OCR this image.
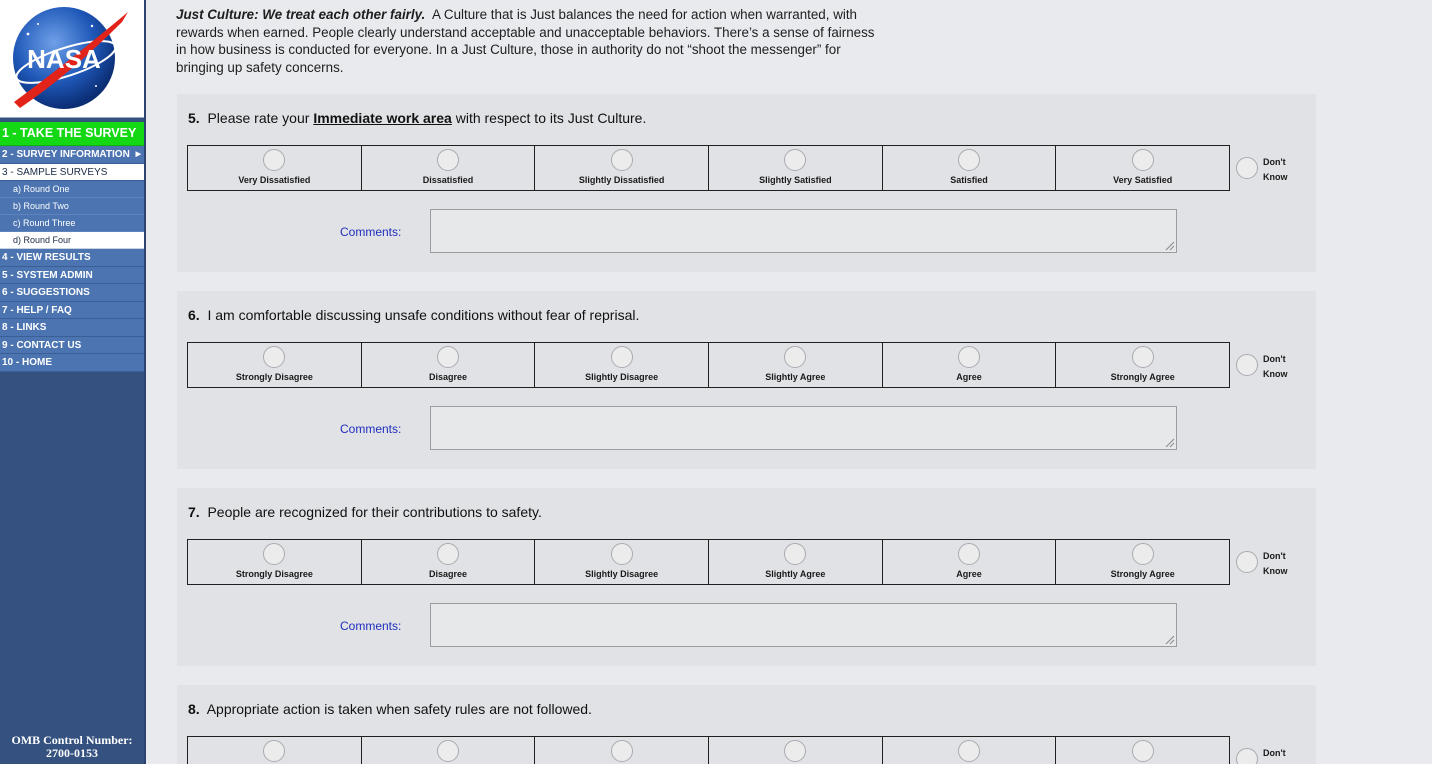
NASA
1 - TAKE THE SURVEY
2 - SURVEY INFORMATION ▶
3 - SAMPLE SURVEYS
a) Round One
b) Round Two
c) Round Three
d) Round Four
4 - VIEW RESULTS
5 - SYSTEM ADMIN
6 - SUGGESTIONS
7 - HELP / FAQ
8 - LINKS
9 - CONTACT US
10 - HOME
OMB Control Number:
2700-0153
Just Culture: We treat each other fairly. A Culture that is Just balances the need for action when warranted, with rewards when earned. People clearly understand acceptable and unacceptable behaviors. There’s a sense of fairness in how business is conducted for everyone. In a Just Culture, those in authority do not “shoot the messenger” for bringing up safety concerns.
5. Please rate your Immediate work area with respect to its Just Culture.
Very Dissatisfied	Dissatisfied	Slightly Dissatisfied	Slightly Satisfied	Satisfied	Very Satisfied
Don't
Know
Comments:
6. I am comfortable discussing unsafe conditions without fear of reprisal.
Strongly Disagree	Disagree	Slightly Disagree	Slightly Agree	Agree	Strongly Agree
Don't
Know
Comments:
7. People are recognized for their contributions to safety.
Strongly Disagree	Disagree	Slightly Disagree	Slightly Agree	Agree	Strongly Agree
Don't
Know
Comments:
8. Appropriate action is taken when safety rules are not followed.
Don't
